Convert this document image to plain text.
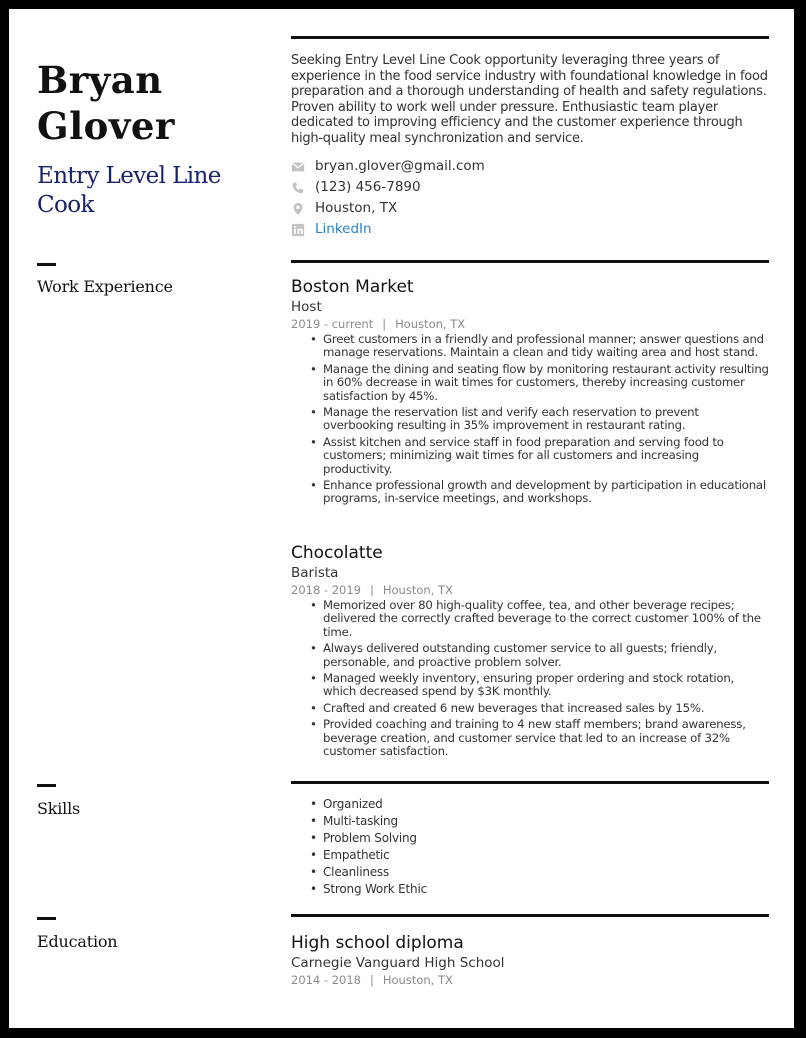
Bryan
Glover
Entry Level Line
Cook
Seeking Entry Level Line Cook opportunity leveraging three years of experience in the food service industry with foundational knowledge in food preparation and a thorough understanding of health and safety regulations. Proven ability to work well under pressure. Enthusiastic team player dedicated to improving efficiency and the customer experience through high-quality meal synchronization and service.
bryan.glover@gmail.com
(123) 456-7890
Houston, TX
LinkedIn
Work Experience	Boston Market
Host
2019 - current | Houston, TX
• Greet customers in a friendly and professional manner; answer questions and manage reservations. Maintain a clean and tidy waiting area and host stand.
• Manage the dining and seating flow by monitoring restaurant activity resulting in 60% decrease in wait times for customers, thereby increasing customer satisfaction by 45%.
• Manage the reservation list and verify each reservation to prevent overbooking resulting in 35% improvement in restaurant rating.
• Assist kitchen and service staff in food preparation and serving food to customers; minimizing wait times for all customers and increasing productivity.
• Enhance professional growth and development by participation in educational programs, in-service meetings, and workshops.
Chocolatte
Barista
2018 - 2019 | Houston, TX
• Memorized over 80 high-quality coffee, tea, and other beverage recipes; delivered the correctly crafted beverage to the correct customer 100% of the time.
• Always delivered outstanding customer service to all guests; friendly, personable, and proactive problem solver.
• Managed weekly inventory, ensuring proper ordering and stock rotation, which decreased spend by $3K monthly.
• Crafted and created 6 new beverages that increased sales by 15%.
• Provided coaching and training to 4 new staff members; brand awareness, beverage creation, and customer service that led to an increase of 32% customer satisfaction.
Skills
•	Organized
• Multi-tasking
• Problem Solving
• Empathetic
• Cleanliness
• Strong Work Ethic
Education	High school diploma
Carnegie Vanguard High School
2014 - 2018 | Houston, TX
